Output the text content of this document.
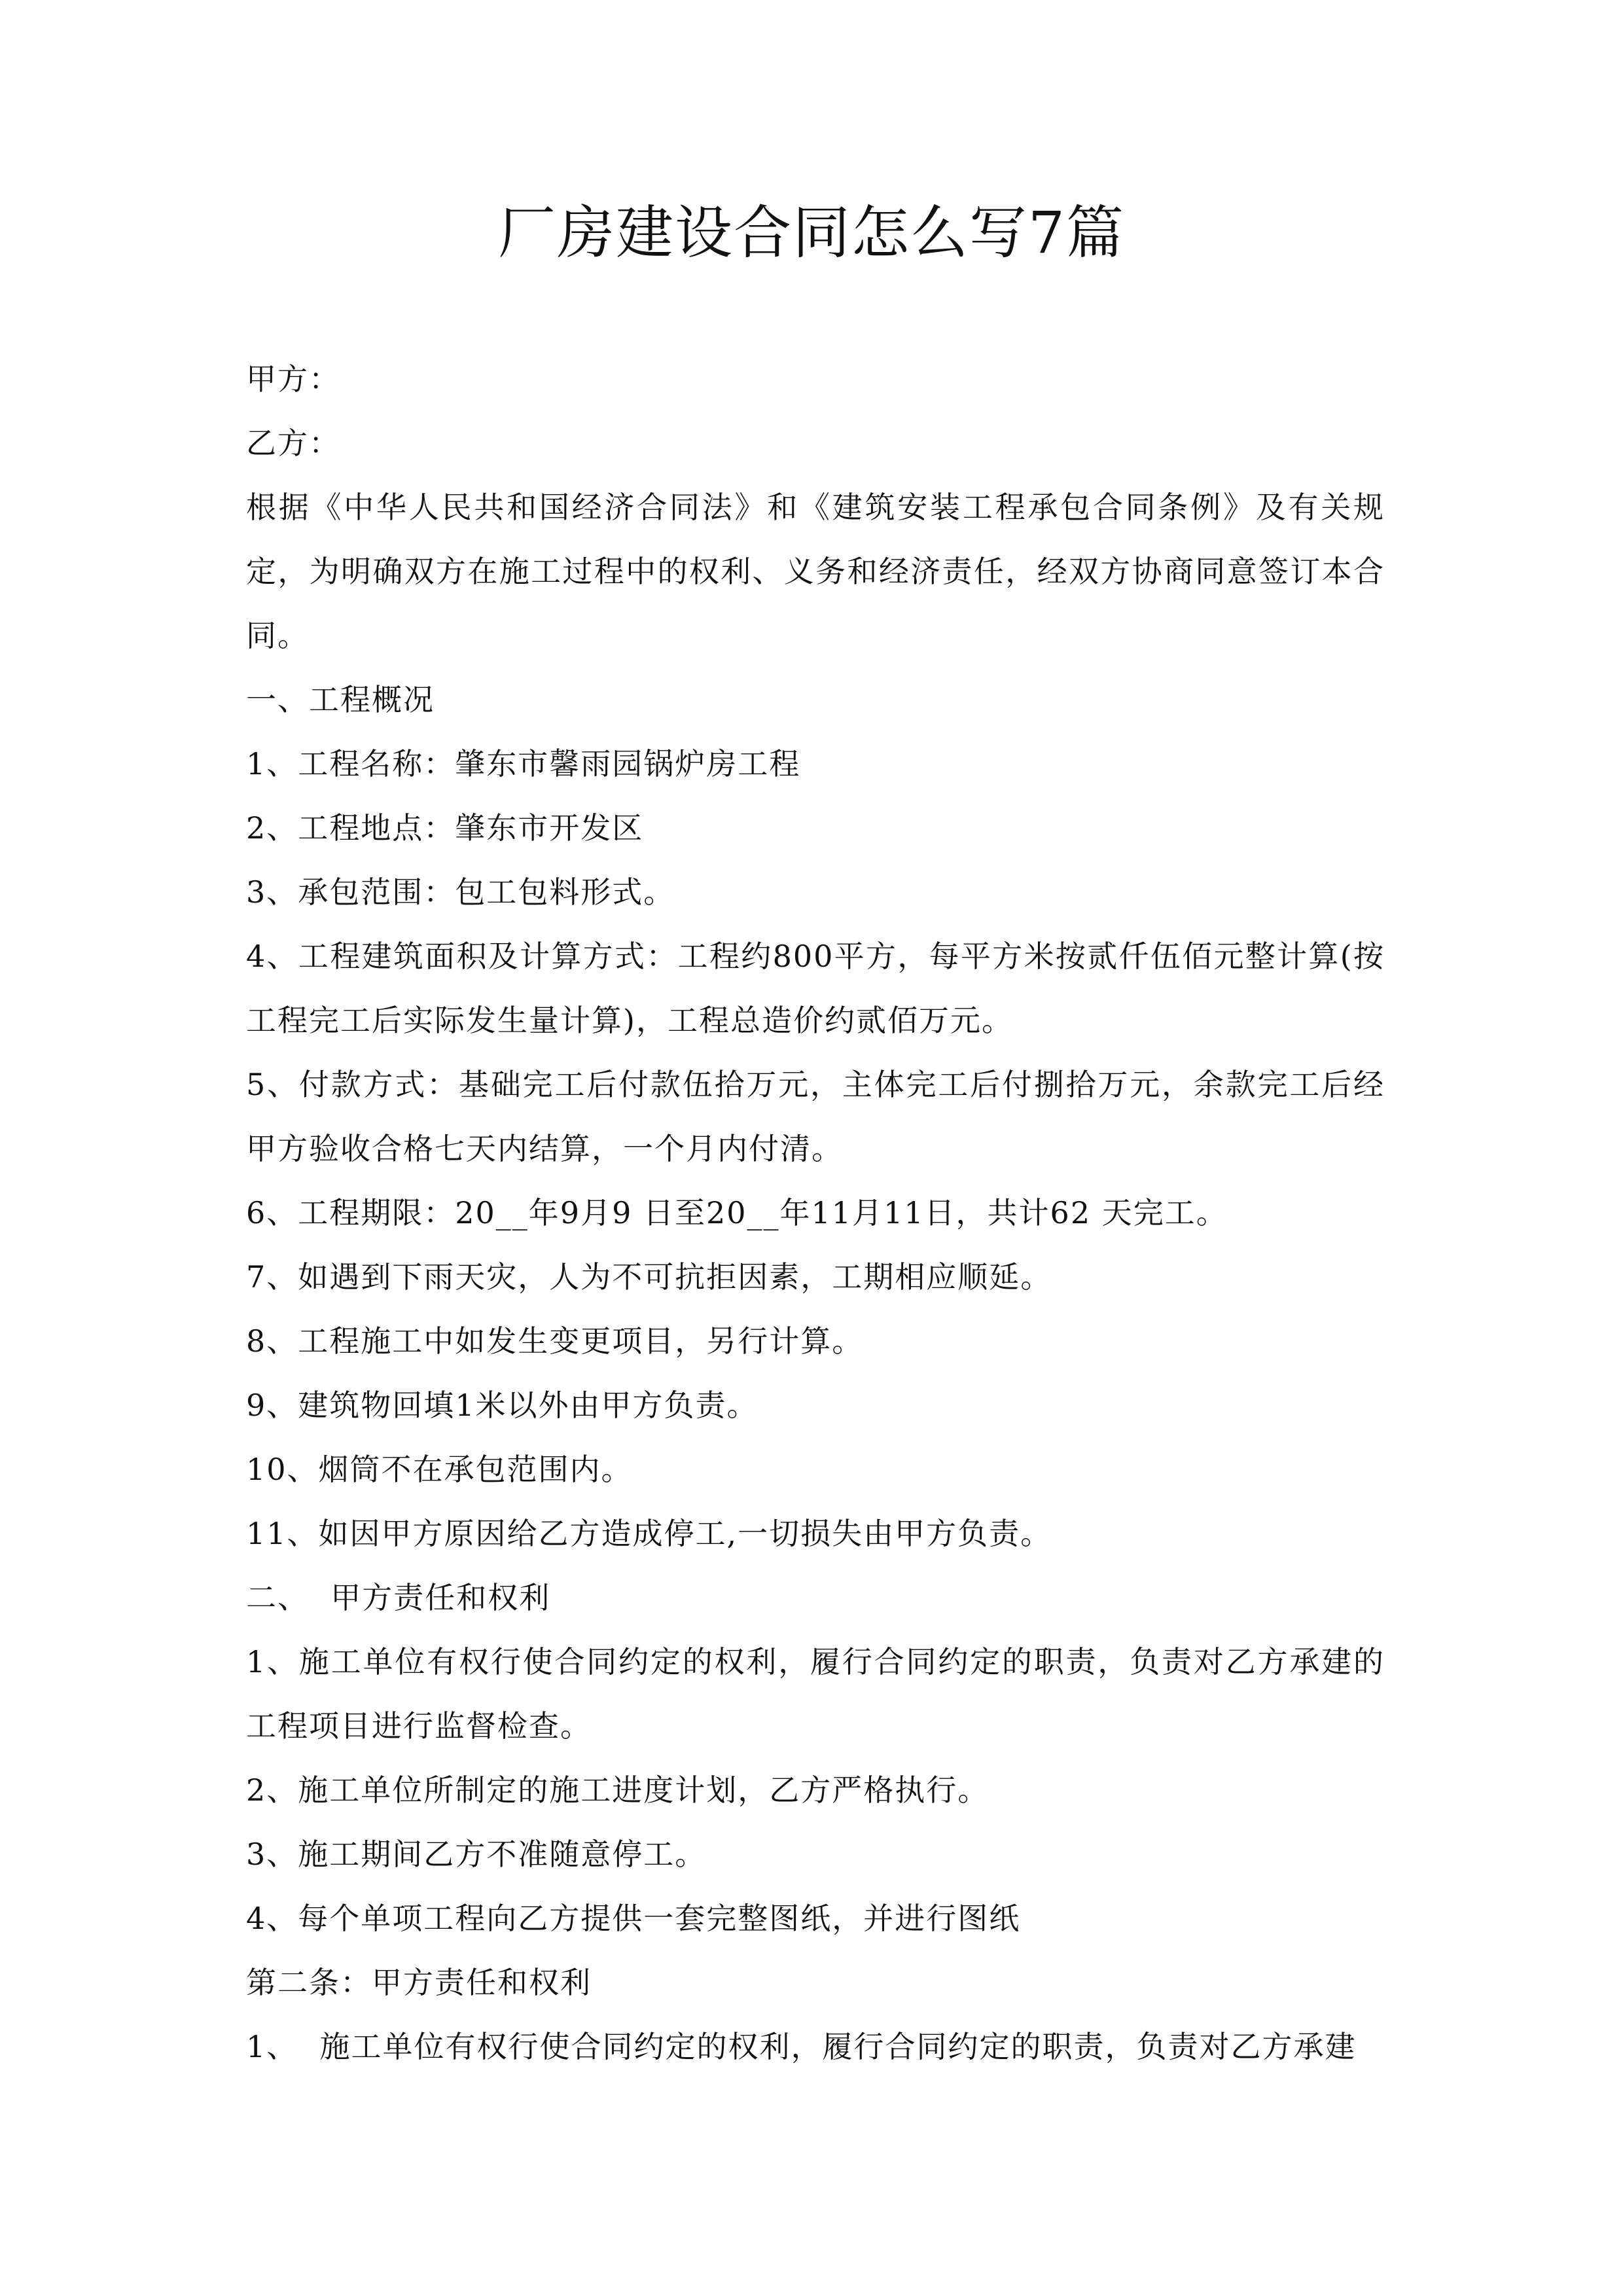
厂房建设合同怎么写7篇

甲方：

乙方：

根据《中华人民共和国经济合同法》和《建筑安装工程承包合同条例》及有关规定，为明确双方在施工过程中的权利、义务和经济责任，经双方协商同意签订本合同。

一、工程概况

1、工程名称：肇东市馨雨园锅炉房工程

2、工程地点：肇东市开发区

3、承包范围：包工包料形式。

4、工程建筑面积及计算方式：工程约800平方，每平方米按贰仟伍佰元整计算(按工程完工后实际发生量计算)，工程总造价约贰佰万元。

5、付款方式：基础完工后付款伍拾万元，主体完工后付捌拾万元，余款完工后经甲方验收合格七天内结算，一个月内付清。

6、工程期限：20__年9月9 日至20__年11月11日，共计62 天完工。

7、如遇到下雨天灾，人为不可抗拒因素，工期相应顺延。

8、工程施工中如发生变更项目，另行计算。

9、建筑物回填1米以外由甲方负责。

10、烟筒不在承包范围内。

11、如因甲方原因给乙方造成停工,一切损失由甲方负责。

二、  甲方责任和权利

1、施工单位有权行使合同约定的权利，履行合同约定的职责，负责对乙方承建的工程项目进行监督检查。

2、施工单位所制定的施工进度计划，乙方严格执行。

3、施工期间乙方不准随意停工。

4、每个单项工程向乙方提供一套完整图纸，并进行图纸

第二条：甲方责任和权利

1、  施工单位有权行使合同约定的权利，履行合同约定的职责，负责对乙方承建
